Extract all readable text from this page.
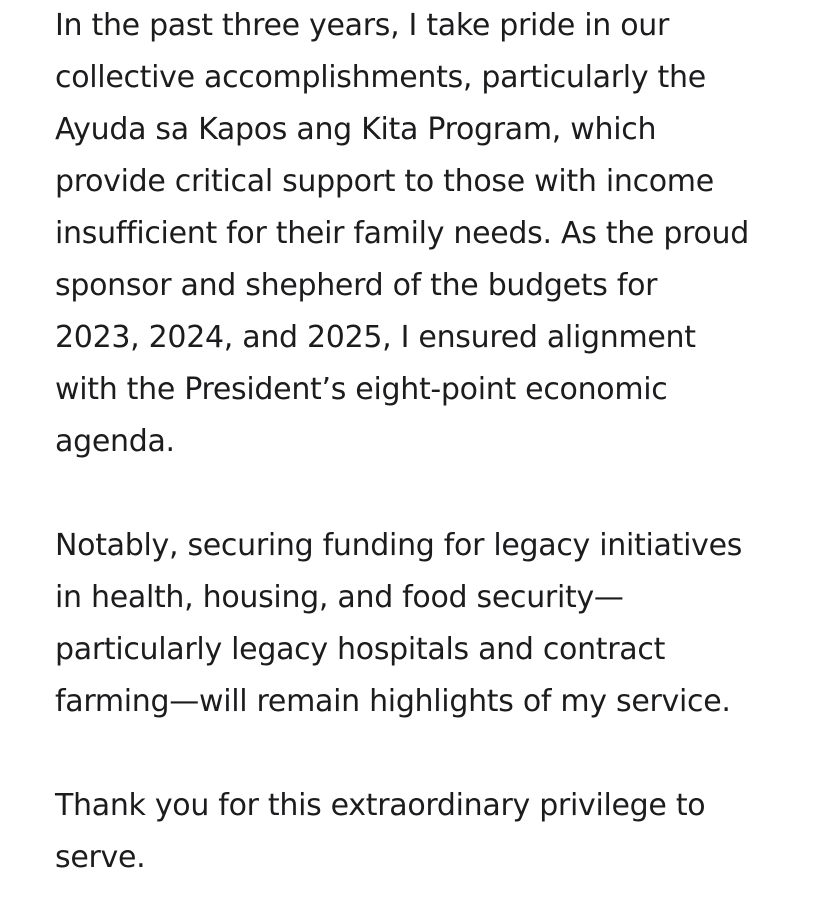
In the past three years, I take pride in our
collective accomplishments, particularly the
Ayuda sa Kapos ang Kita Program, which
provide critical support to those with income
insufficient for their family needs. As the proud
sponsor and shepherd of the budgets for
2023, 2024, and 2025, I ensured alignment
with the President’s eight-point economic
agenda.

Notably, securing funding for legacy initiatives
in health, housing, and food security—
particularly legacy hospitals and contract
farming—will remain highlights of my service.

Thank you for this extraordinary privilege to
serve.
